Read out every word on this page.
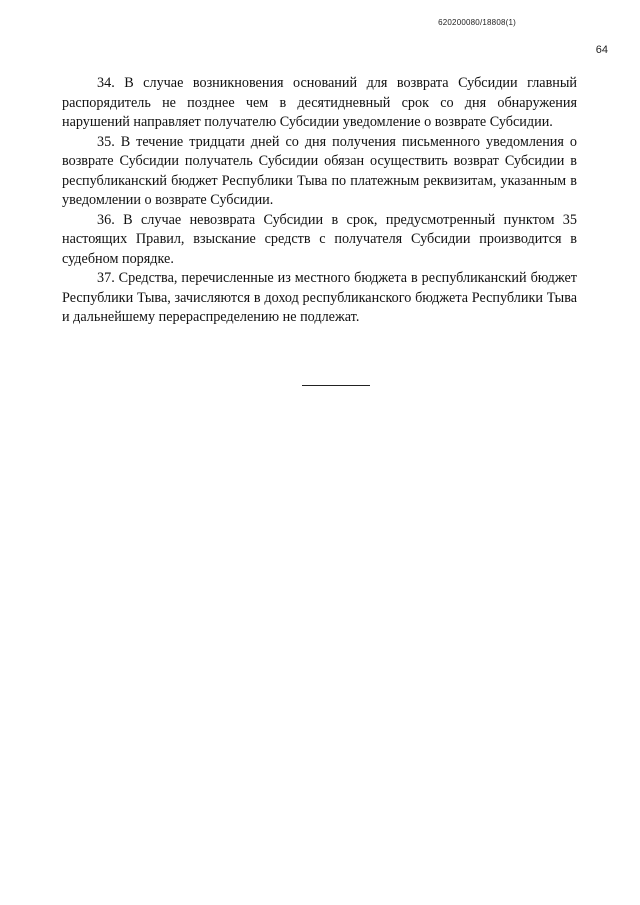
620200080/18808(1)
64

34. В случае возникновения оснований для возврата Субсидии главный распорядитель не позднее чем в десятидневный срок со дня обнаружения нарушений направляет получателю Субсидии уведомление о возврате Субсидии.

35. В течение тридцати дней со дня получения письменного уведомления о возврате Субсидии получатель Субсидии обязан осуществить возврат Субсидии в республиканский бюджет Республики Тыва по платежным реквизитам, указанным в уведомлении о возврате Субсидии.

36. В случае невозврата Субсидии в срок, предусмотренный пунктом 35 настоящих Правил, взыскание средств с получателя Субсидии производится в судебном порядке.

37. Средства, перечисленные из местного бюджета в республиканский бюджет Республики Тыва, зачисляются в доход республиканского бюджета Республики Тыва и дальнейшему перераспределению не подлежат.
